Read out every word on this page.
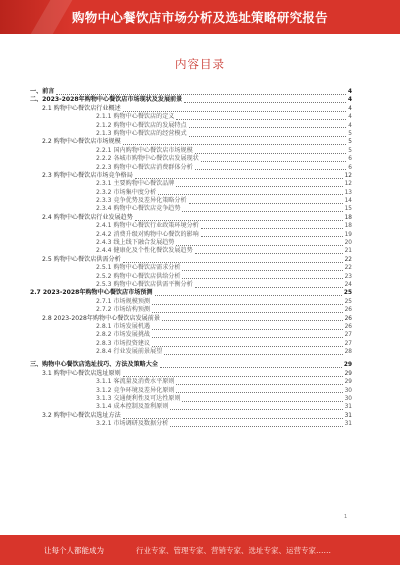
购物中心餐饮店市场分析及选址策略研究报告
内容目录
一、前言	4
二、2023-2028年购物中心餐饮店市场现状及发展前景	4
2.1 购物中心餐饮店行业概述	4
2.1.1 购物中心餐饮店的定义	4
2.1.2 购物中心餐饮店的发展特点	4
2.1.3 购物中心餐饮店的经营模式	5
2.2 购物中心餐饮店市场规模	5
2.2.1 国内购物中心餐饮店市场规模	5
2.2.2 各城市购物中心餐饮店发展现状	6
2.2.3 购物中心餐饮店消费群体分析	6
2.3 购物中心餐饮店市场竞争格局	12
2.3.1 主要购物中心餐饮品牌	12
2.3.2 市场集中度分析	13
2.3.3 竞争优势及差异化策略分析	14
2.3.4 购物中心餐饮店竞争趋势	15
2.4 购物中心餐饮店行业发展趋势	18
2.4.1 购物中心餐饮行业政策环境分析	18
2.4.2 消费升级对购物中心餐饮的影响	19
2.4.3 线上线下融合发展趋势	20
2.4.4 健康化及个性化餐饮发展趋势	21
2.5 购物中心餐饮店供需分析	22
2.5.1 购物中心餐饮店需求分析	22
2.5.2 购物中心餐饮店供给分析	23
2.5.3 购物中心餐饮店供需平衡分析	24
2.7 2023-2028年购物中心餐饮店市场预测	25
2.7.1 市场规模预测	25
2.7.2 市场结构预测	26
2.8 2023-2028年购物中心餐饮店发展前景	26
2.8.1 市场发展机遇	26
2.8.2 市场发展挑战	27
2.8.3 市场投资建议	27
2.8.4 行业发展前景展望	28
三、购物中心餐饮店选址技巧、方法及策略大全	29
3.1 购物中心餐饮店选址原则	29
3.1.1 客流量及消费水平原则	29
3.1.2 竞争环境及差异化原则	30
3.1.3 交通便利性及可达性原则	30
3.1.4 成本控制及盈利原则	31
3.2 购物中心餐饮店选址方法	31
3.2.1 市场调研及数据分析	31
1
让每个人都能成为	行业专家、管理专家、营销专家、选址专家、运营专家……
